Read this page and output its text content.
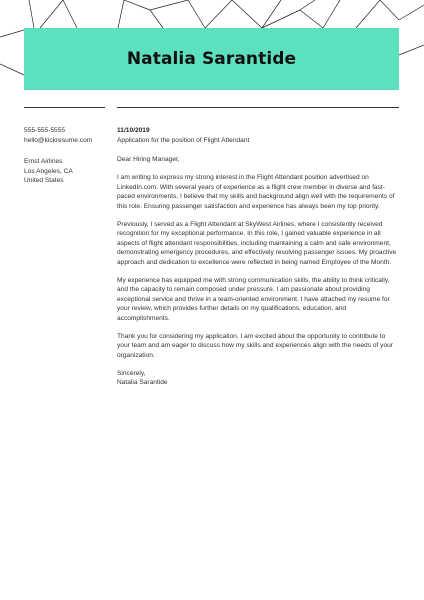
Natalia Sarantide
555-555-5555
hello@kickresume.com
Ernst Airlines
Los Angeles, CA
United States
11/10/2019
Application for the position of Flight Attendant

Dear Hiring Manager,

I am writing to express my strong interest in the Flight Attendant position advertised on LinkedIn.com. With several years of experience as a flight crew member in diverse and fast-paced environments, I believe that my skills and background align well with the requirements of this role. Ensuring passenger satisfaction and experience has always been my top priority.

Previously, I served as a Flight Attendant at SkyWest Airlines, where I consistently received recognition for my exceptional performance. In this role, I gained valuable experience in all aspects of flight attendant responsibilities, including maintaining a calm and safe environment, demonstrating emergency procedures, and effectively resolving passenger issues. My proactive approach and dedication to excellence were reflected in being named Employee of the Month.

My experience has equipped me with strong communication skills, the ability to think critically, and the capacity to remain composed under pressure. I am passionate about providing exceptional service and thrive in a team-oriented environment. I have attached my resume for your review, which provides further details on my qualifications, education, and accomplishments.

Thank you for considering my application. I am excited about the opportunity to contribute to your team and am eager to discuss how my skills and experiences align with the needs of your organization.

Sincerely,
Natalia Sarantide
